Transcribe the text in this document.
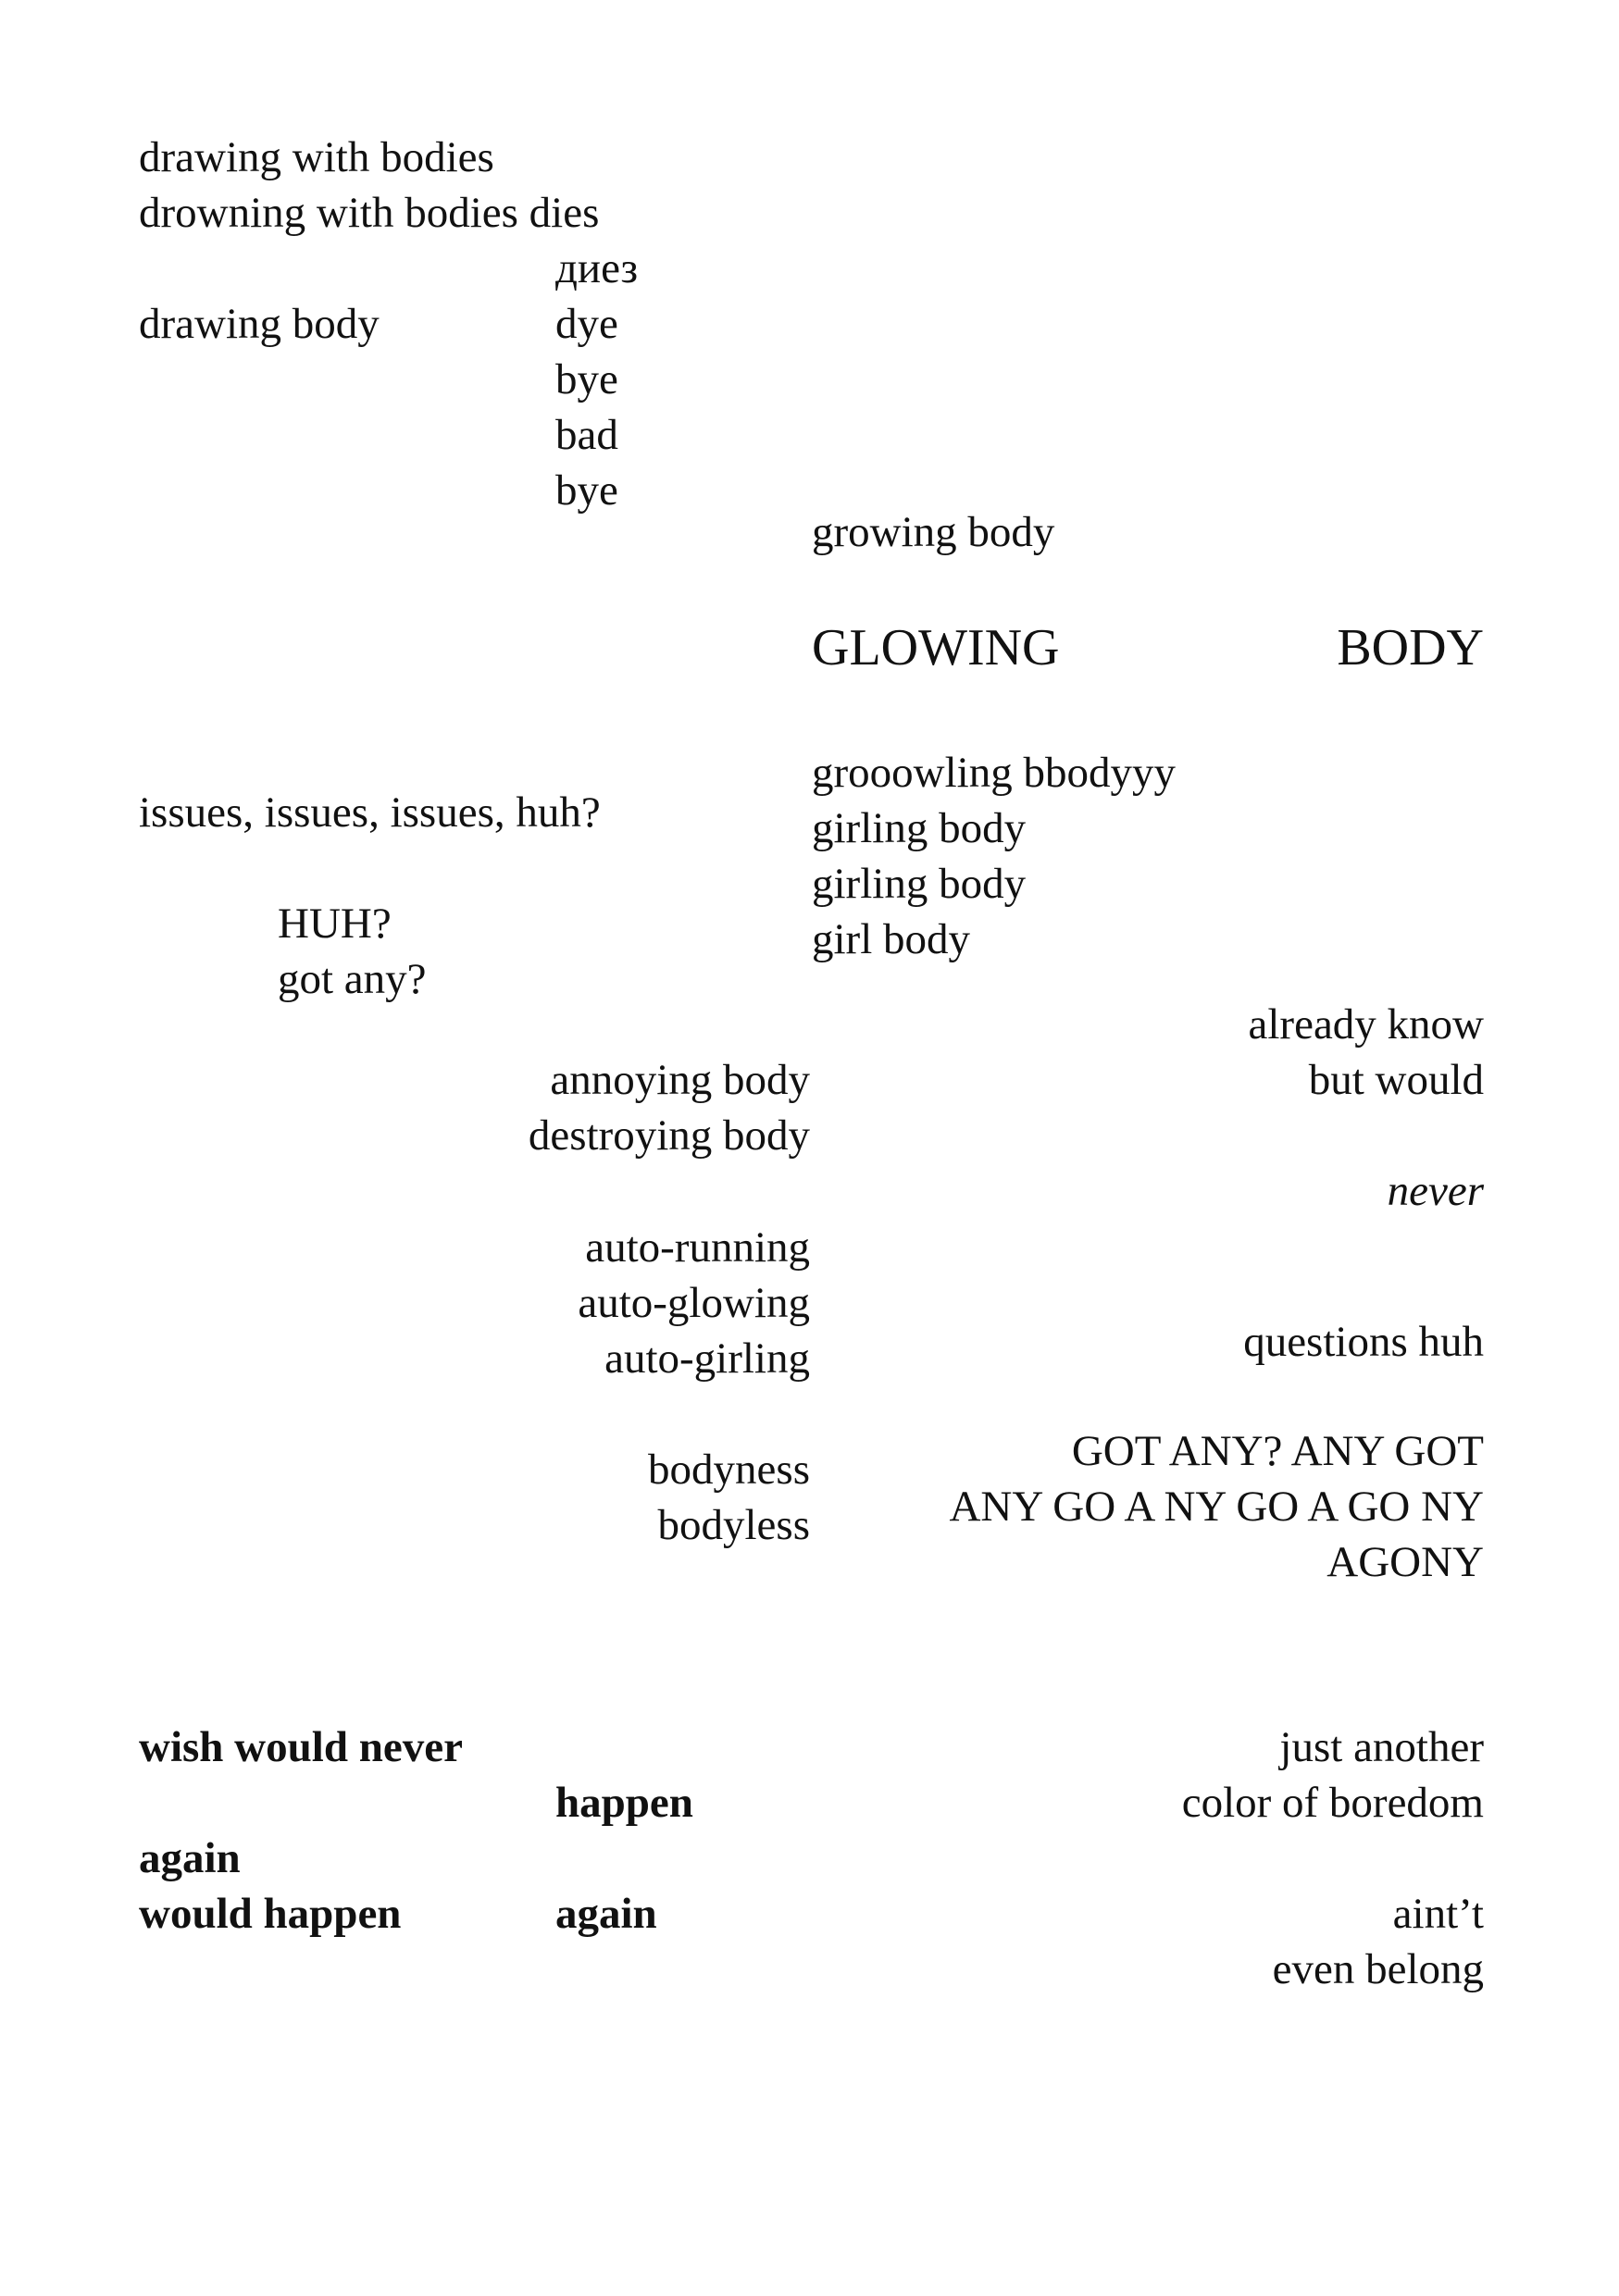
drawing with bodies
drowning with bodies dies
диез
dye
bye
bad
bye
drawing body
growing body
GLOWING	BODY
grooowling bbodyyy
girling body
girling body
girl body
issues, issues, issues, huh?
HUH?
got any?
already know
but would
annoying body
destroying body
never
auto-running
auto-glowing
auto-girling	questions huh
bodyness
bodyless
GOT ANY? ANY GOT
ANY GO A NY GO A GO NY
AGONY
wish would never
happen
again
would happen	again
just another
color of boredom
aint’t
even belong
